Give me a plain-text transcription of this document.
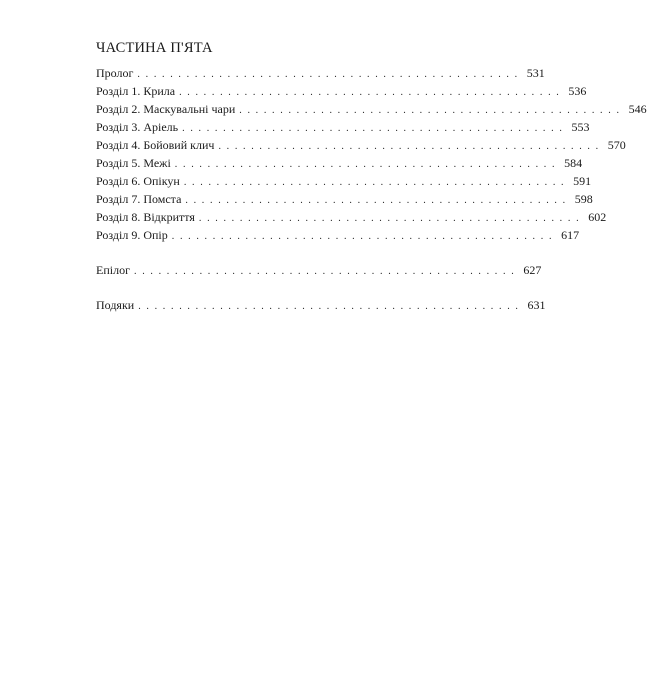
ЧАСТИНА П'ЯТА
Пролог . . . . . . . . . . . . . . . . . . . . . . . . . . . . . . . . . . . . . . . . . . . . . . . 531
Розділ 1. Крила . . . . . . . . . . . . . . . . . . . . . . . . . . . . . . . . . . . . . . . . . . . . . . . 536
Розділ 2. Маскувальні чари . . . . . . . . . . . . . . . . . . . . . . . . . . . . . . . . . . . . . . . . . . . . . . . 546
Розділ 3. Аріель . . . . . . . . . . . . . . . . . . . . . . . . . . . . . . . . . . . . . . . . . . . . . . . 553
Розділ 4. Бойовий клич . . . . . . . . . . . . . . . . . . . . . . . . . . . . . . . . . . . . . . . . . . . . . . . 570
Розділ 5. Межі . . . . . . . . . . . . . . . . . . . . . . . . . . . . . . . . . . . . . . . . . . . . . . . 584
Розділ 6. Опікун . . . . . . . . . . . . . . . . . . . . . . . . . . . . . . . . . . . . . . . . . . . . . . . 591
Розділ 7. Помста . . . . . . . . . . . . . . . . . . . . . . . . . . . . . . . . . . . . . . . . . . . . . . . 598
Розділ 8. Відкриття . . . . . . . . . . . . . . . . . . . . . . . . . . . . . . . . . . . . . . . . . . . . . . . 602
Розділ 9. Опір . . . . . . . . . . . . . . . . . . . . . . . . . . . . . . . . . . . . . . . . . . . . . . . 617
Епілог . . . . . . . . . . . . . . . . . . . . . . . . . . . . . . . . . . . . . . . . . . . . . . . 627
Подяки . . . . . . . . . . . . . . . . . . . . . . . . . . . . . . . . . . . . . . . . . . . . . . . 631
